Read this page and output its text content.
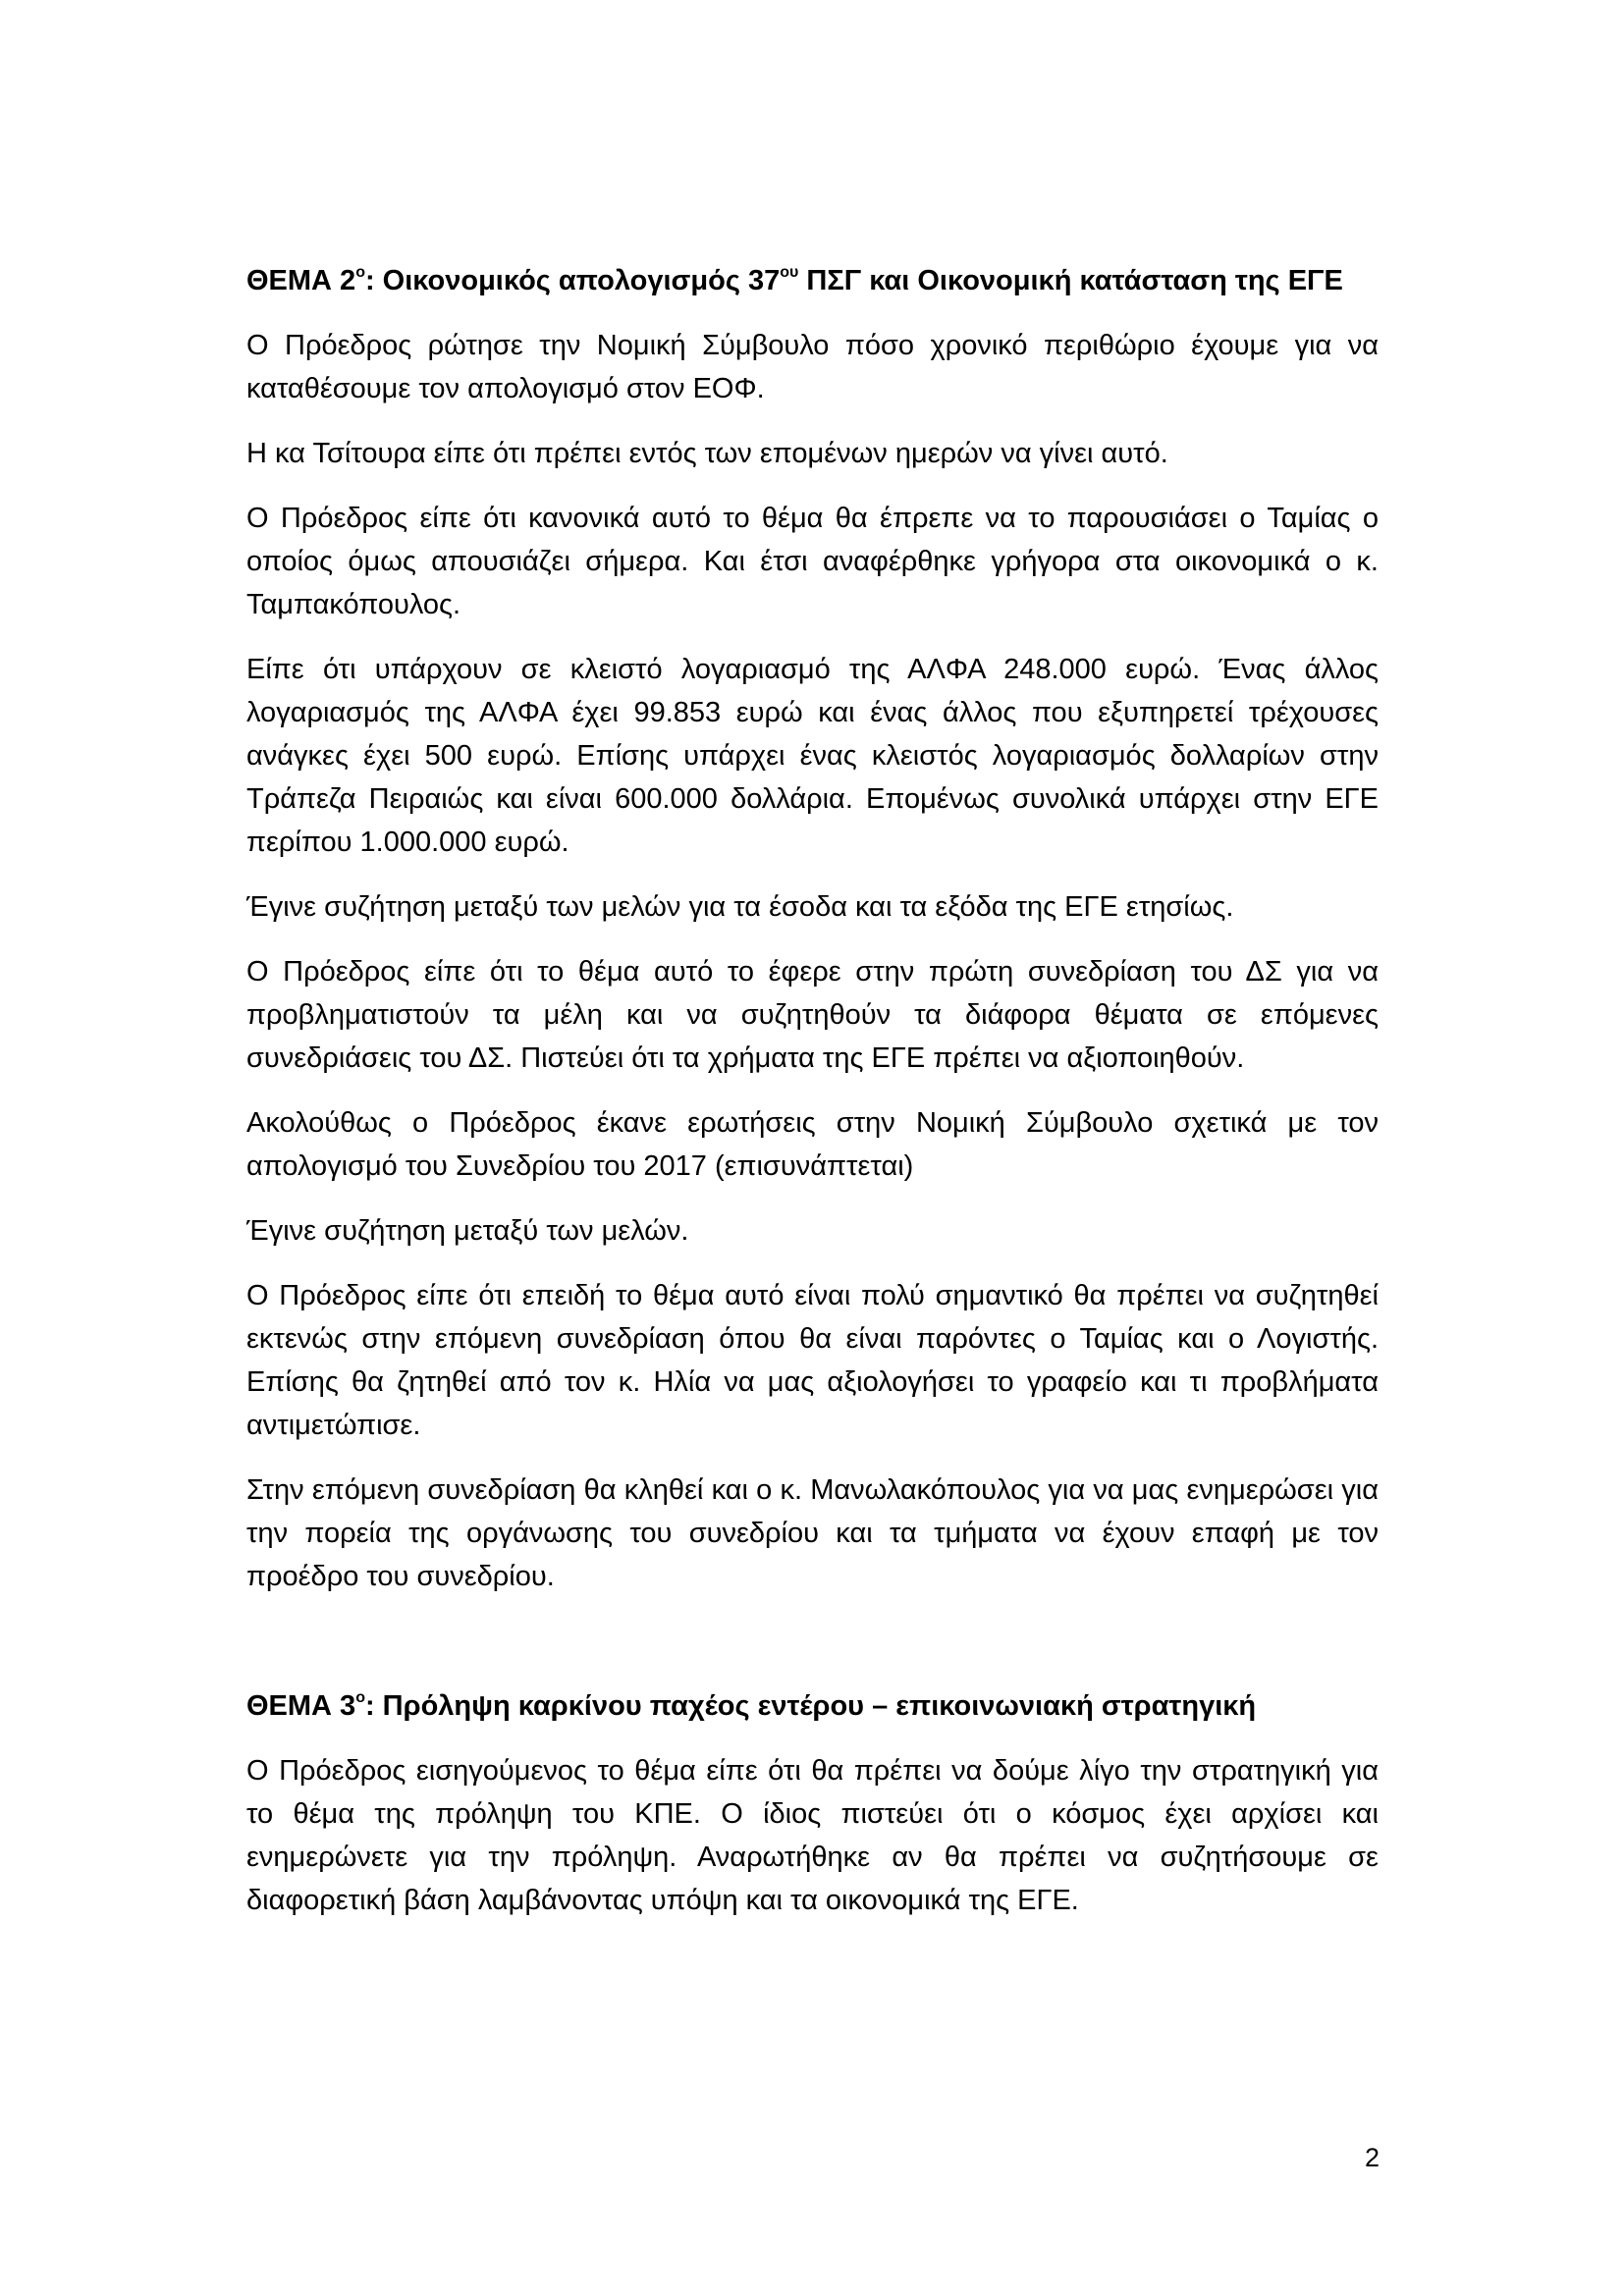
ΘΕΜΑ $2^o$: Οικονομικός απολογισμός $37^{o\upsilon}$ ΠΣΓ και Οικονομική κατάσταση της ΕΓΕ

Ο Πρόεδρος ρώτησε την Νομική Σύμβουλο πόσο χρονικό περιθώριο έχουμε για να καταθέσουμε τον απολογισμό στον ΕΟΦ.

Η κα Τσίτουρα είπε ότι πρέπει εντός των επομένων ημερών να γίνει αυτό.

Ο Πρόεδρος είπε ότι κανονικά αυτό το θέμα θα έπρεπε να το παρουσιάσει ο Ταμίας ο οποίος όμως απουσιάζει σήμερα. Και έτσι αναφέρθηκε γρήγορα στα οικονομικά ο κ. Ταμπακόπουλος.

Είπε ότι υπάρχουν σε κλειστό λογαριασμό της ΑΛΦΑ 248.000 ευρώ. Ένας άλλος λογαριασμός της ΑΛΦΑ έχει 99.853 ευρώ και ένας άλλος που εξυπηρετεί τρέχουσες ανάγκες έχει 500 ευρώ. Επίσης υπάρχει ένας κλειστός λογαριασμός δολλαρίων στην Τράπεζα Πειραιώς και είναι 600.000 δολλάρια. Επομένως συνολικά υπάρχει στην ΕΓΕ περίπου 1.000.000 ευρώ.

Έγινε συζήτηση μεταξύ των μελών για τα έσοδα και τα εξόδα της ΕΓΕ ετησίως.

Ο Πρόεδρος είπε ότι το θέμα αυτό το έφερε στην πρώτη συνεδρίαση του ΔΣ για να προβληματιστούν τα μέλη και να συζητηθούν τα διάφορα θέματα σε επόμενες συνεδριάσεις του ΔΣ. Πιστεύει ότι τα χρήματα της ΕΓΕ πρέπει να αξιοποιηθούν.

Ακολούθως ο Πρόεδρος έκανε ερωτήσεις στην Νομική Σύμβουλο σχετικά με τον απολογισμό του Συνεδρίου του 2017 (επισυνάπτεται)

Έγινε συζήτηση μεταξύ των μελών.

Ο Πρόεδρος είπε ότι επειδή το θέμα αυτό είναι πολύ σημαντικό θα πρέπει να συζητηθεί εκτενώς στην επόμενη συνεδρίαση όπου θα είναι παρόντες ο Ταμίας και ο Λογιστής. Επίσης θα ζητηθεί από τον κ. Ηλία να μας αξιολογήσει το γραφείο και τι προβλήματα αντιμετώπισε.

Στην επόμενη συνεδρίαση θα κληθεί και ο κ. Μανωλακόπουλος για να μας ενημερώσει για την πορεία της οργάνωσης του συνεδρίου και τα τμήματα να έχουν επαφή με τον προέδρο του συνεδρίου.

ΘΕΜΑ $3^o$: Πρόληψη καρκίνου παχέος εντέρου – επικοινωνιακή στρατηγική

Ο Πρόεδρος εισηγούμενος το θέμα είπε ότι θα πρέπει να δούμε λίγο την στρατηγική για το θέμα της πρόληψη του ΚΠΕ. Ο ίδιος πιστεύει ότι ο κόσμος έχει αρχίσει και ενημερώνετε για την πρόληψη. Αναρωτήθηκε αν θα πρέπει να συζητήσουμε σε διαφορετική βάση λαμβάνοντας υπόψη και τα οικονομικά της ΕΓΕ.

2
